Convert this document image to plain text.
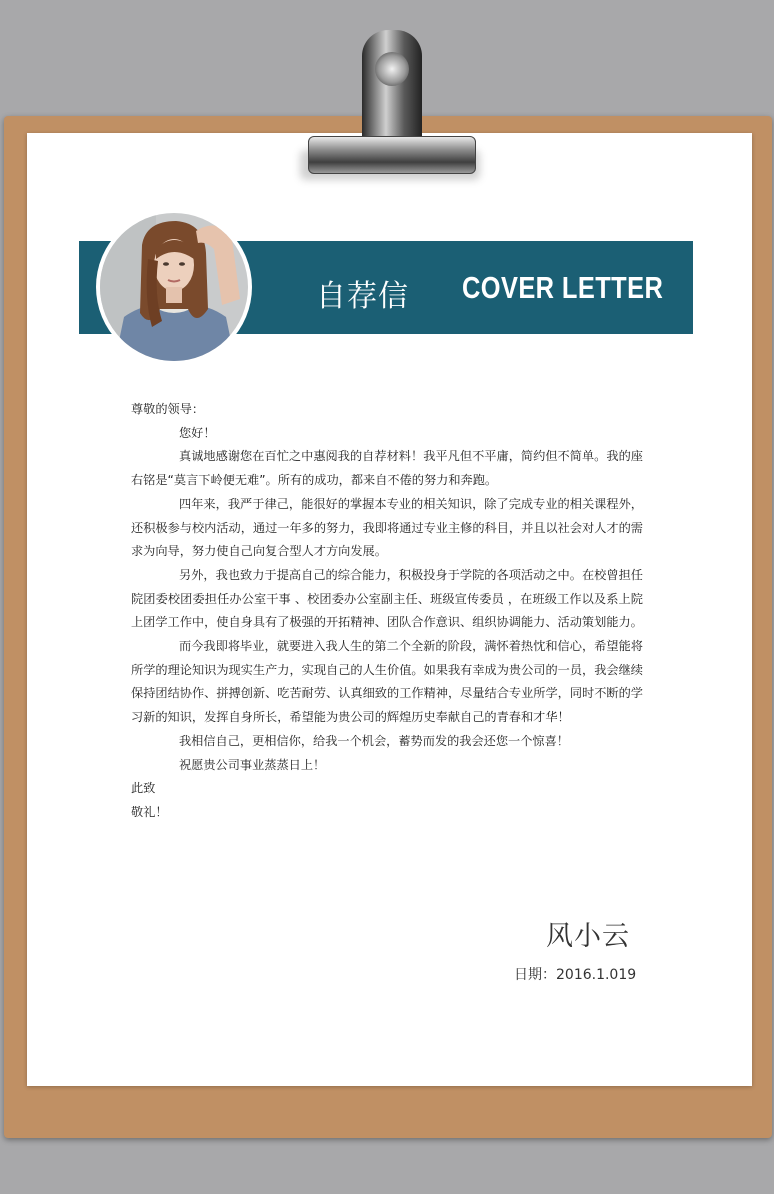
自荐信 COVER LETTER

尊敬的领导：

您好！

真诚地感谢您在百忙之中惠阅我的自荐材料！我平凡但不平庸，简约但不简单。我的座右铭是“莫言下岭便无难”。所有的成功，都来自不倦的努力和奔跑。

四年来，我严于律己，能很好的掌握本专业的相关知识，除了完成专业的相关课程外，还积极参与校内活动，通过一年多的努力，我即将通过专业主修的科目，并且以社会对人才的需求为向导，努力使自己向复合型人才方向发展。

另外，我也致力于提高自己的综合能力，积极投身于学院的各项活动之中。在校曾担任院团委校团委担任办公室干事 、校团委办公室副主任、班级宣传委员 ，在班级工作以及系上院上团学工作中，使自身具有了极强的开拓精神、团队合作意识、组织协调能力、活动策划能力。

而今我即将毕业，就要进入我人生的第二个全新的阶段，满怀着热忱和信心，希望能将所学的理论知识为现实生产力，实现自己的人生价值。如果我有幸成为贵公司的一员，我会继续保持团结协作、拼搏创新、吃苦耐劳、认真细致的工作精神，尽量结合专业所学，同时不断的学习新的知识，发挥自身所长，希望能为贵公司的辉煌历史奉献自己的青春和才华！

我相信自己，更相信你，给我一个机会，蓄势而发的我会还您一个惊喜！

祝愿贵公司事业蒸蒸日上！

此致

敬礼！

风小云
日期：2016.1.019
